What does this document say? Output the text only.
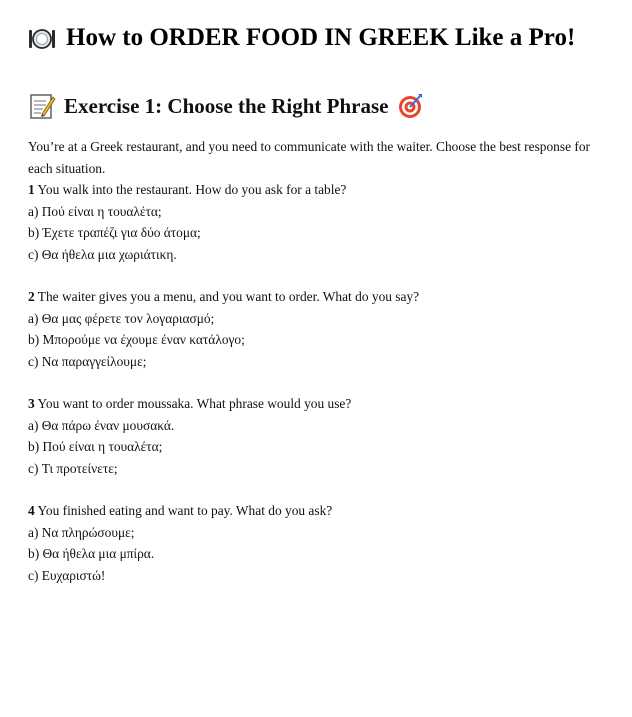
How to ORDER FOOD IN GREEK Like a Pro!
Exercise 1: Choose the Right Phrase

You’re at a Greek restaurant, and you need to communicate with the waiter. Choose the best response for each situation.

1 You walk into the restaurant. How do you ask for a table?

a) Πού είναι η τουαλέτα;

b) Έχετε τραπέζι για δύο άτομα;

c) Θα ήθελα μια χωριάτικη.

2 The waiter gives you a menu, and you want to order. What do you say?

a) Θα μας φέρετε τον λογαριασμό;

b) Μπορούμε να έχουμε έναν κατάλογο;

c) Να παραγγείλουμε;

3 You want to order moussaka. What phrase would you use?

a) Θα πάρω έναν μουσακά.

b) Πού είναι η τουαλέτα;

c) Τι προτείνετε;

4 You finished eating and want to pay. What do you ask?

a) Να πληρώσουμε;

b) Θα ήθελα μια μπίρα.

c) Ευχαριστώ!
